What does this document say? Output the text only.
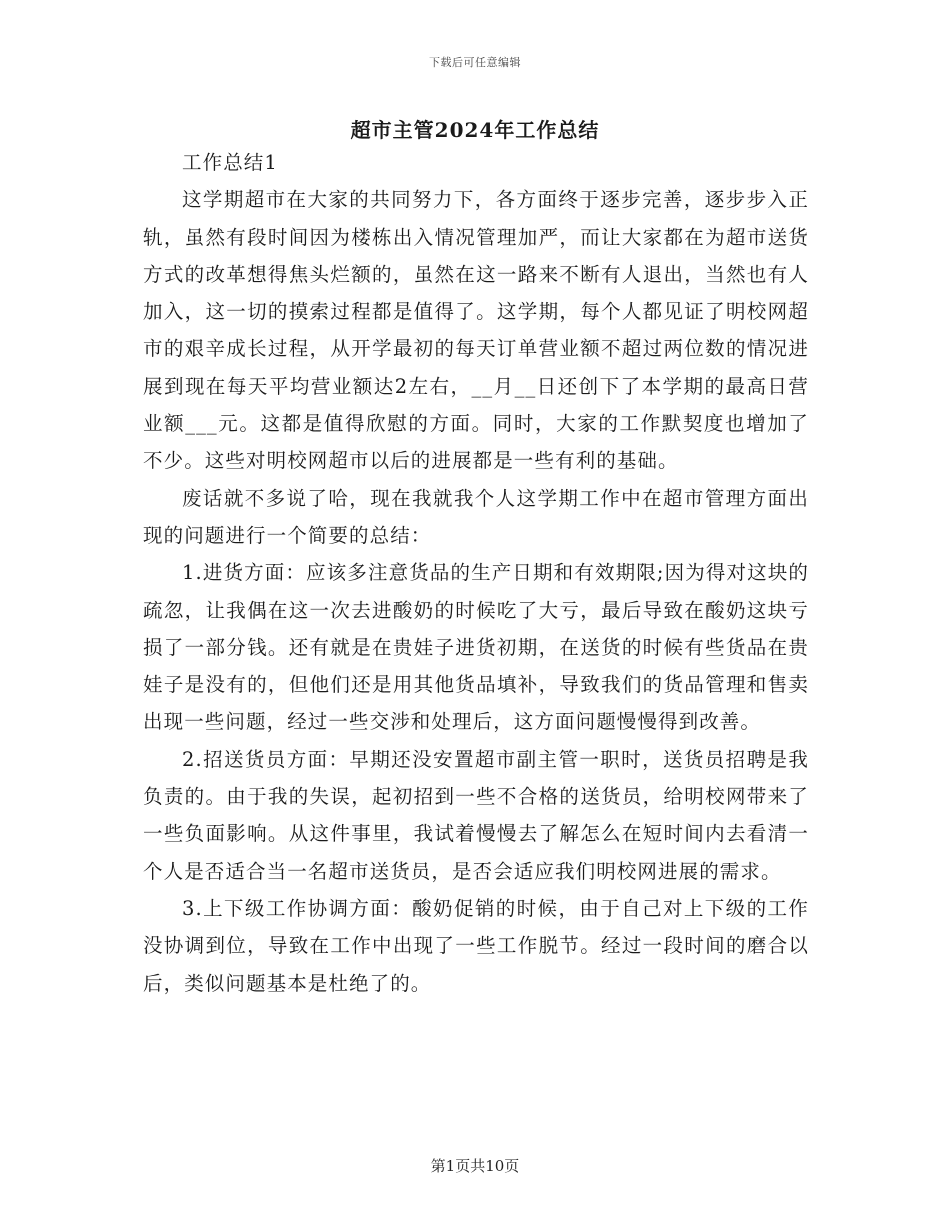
下载后可任意编辑
超市主管2024年工作总结

工作总结1

这学期超市在大家的共同努力下，各方面终于逐步完善，逐步步入正轨，虽然有段时间因为楼栋出入情况管理加严，而让大家都在为超市送货方式的改革想得焦头烂额的，虽然在这一路来不断有人退出，当然也有人加入，这一切的摸索过程都是值得了。这学期，每个人都见证了明校网超市的艰辛成长过程，从开学最初的每天订单营业额不超过两位数的情况进展到现在每天平均营业额达2左右，__月__日还创下了本学期的最高日营业额___元。这都是值得欣慰的方面。同时，大家的工作默契度也增加了不少。这些对明校网超市以后的进展都是一些有利的基础。

废话就不多说了哈，现在我就我个人这学期工作中在超市管理方面出现的问题进行一个简要的总结：

1.进货方面：应该多注意货品的生产日期和有效期限;因为得对这块的疏忽，让我偶在这一次去进酸奶的时候吃了大亏，最后导致在酸奶这块亏损了一部分钱。还有就是在贵娃子进货初期，在送货的时候有些货品在贵娃子是没有的，但他们还是用其他货品填补，导致我们的货品管理和售卖出现一些问题，经过一些交涉和处理后，这方面问题慢慢得到改善。

2.招送货员方面：早期还没安置超市副主管一职时，送货员招聘是我负责的。由于我的失误，起初招到一些不合格的送货员，给明校网带来了一些负面影响。从这件事里，我试着慢慢去了解怎么在短时间内去看清一个人是否适合当一名超市送货员，是否会适应我们明校网进展的需求。

3.上下级工作协调方面：酸奶促销的时候，由于自己对上下级的工作没协调到位，导致在工作中出现了一些工作脱节。经过一段时间的磨合以后，类似问题基本是杜绝了的。

第1页共10页
